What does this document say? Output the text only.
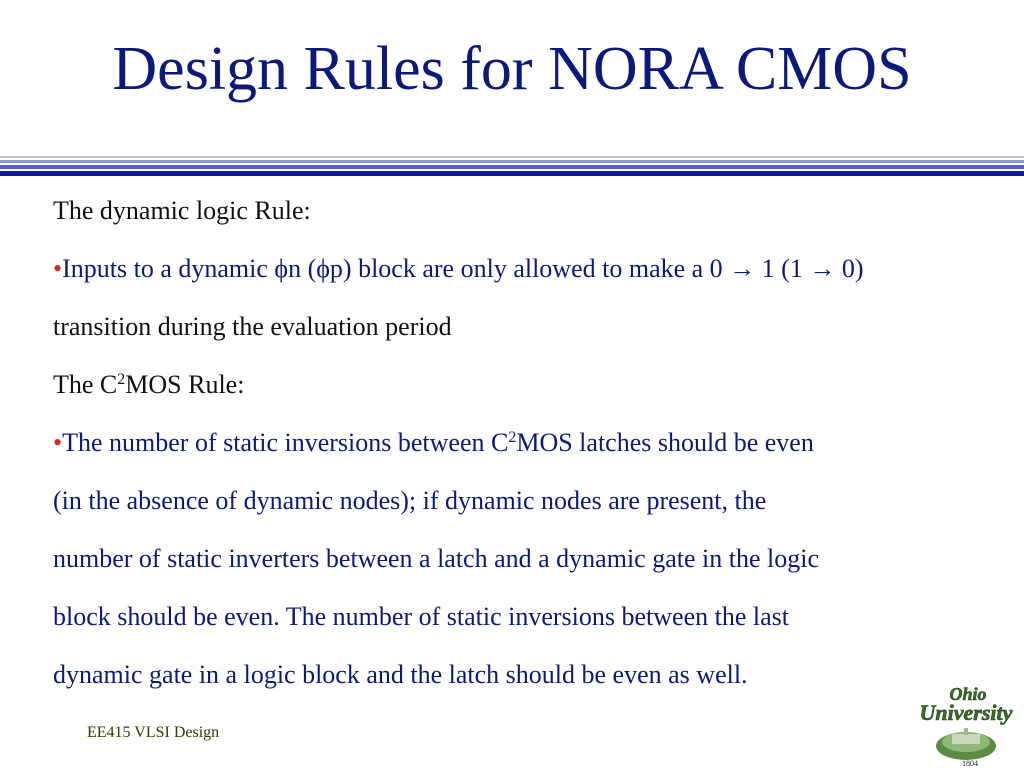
Design Rules for NORA CMOS

The dynamic logic Rule:

•Inputs to a dynamic ϕn (ϕp) block are only allowed to make a 0 → 1 (1 → 0)

transition during the evaluation period

The $C^2MOS$ Rule:

•The number of static inversions between $C^2MOS$ latches should be even

(in the absence of dynamic nodes); if dynamic nodes are present, the

number of static inverters between a latch and a dynamic gate in the logic

block should be even. The number of static inversions between the last

dynamic gate in a logic block and the latch should be even as well.

EE415 VLSI Design
Ohio
University
1804
